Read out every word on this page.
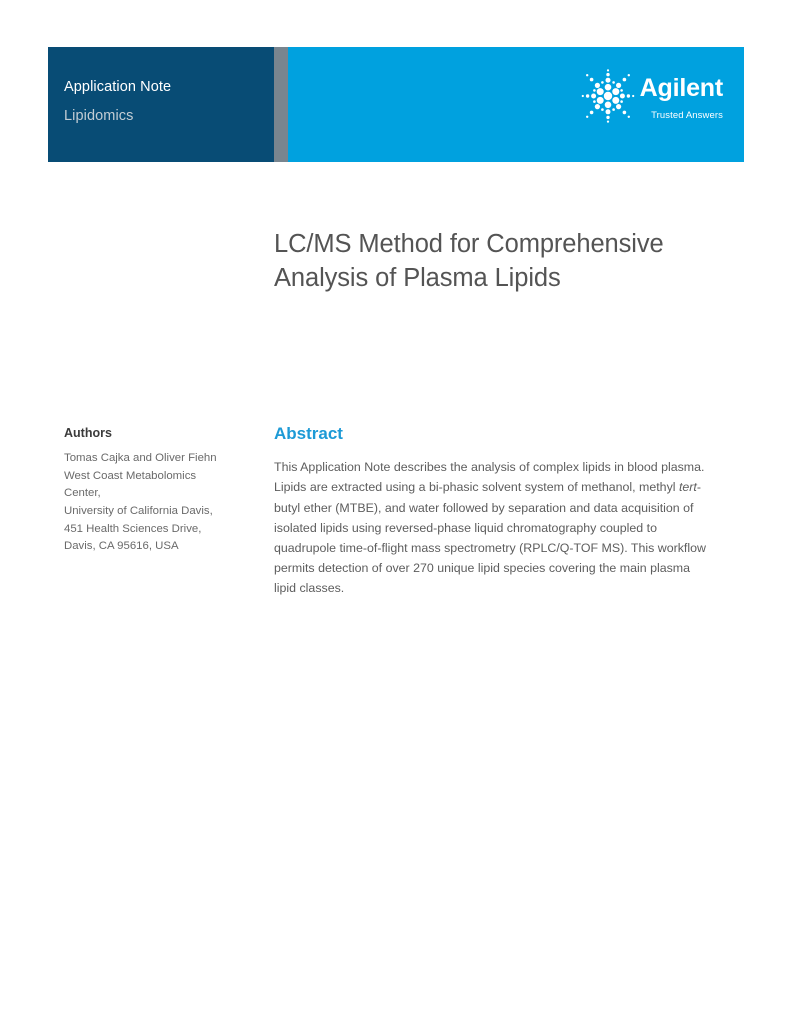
Application Note
Lipidomics
Agilent
Trusted Answers
LC/MS Method for Comprehensive Analysis of Plasma Lipids
Authors
Tomas Cajka and Oliver Fiehn
West Coast Metabolomics
Center,
University of California Davis,
451 Health Sciences Drive,
Davis, CA 95616, USA
Abstract

This Application Note describes the analysis of complex lipids in blood plasma. Lipids are extracted using a bi-phasic solvent system of methanol, methyl tert-butyl ether (MTBE), and water followed by separation and data acquisition of isolated lipids using reversed-phase liquid chromatography coupled to quadrupole time-of-flight mass spectrometry (RPLC/Q-TOF MS). This workflow permits detection of over 270 unique lipid species covering the main plasma lipid classes.
